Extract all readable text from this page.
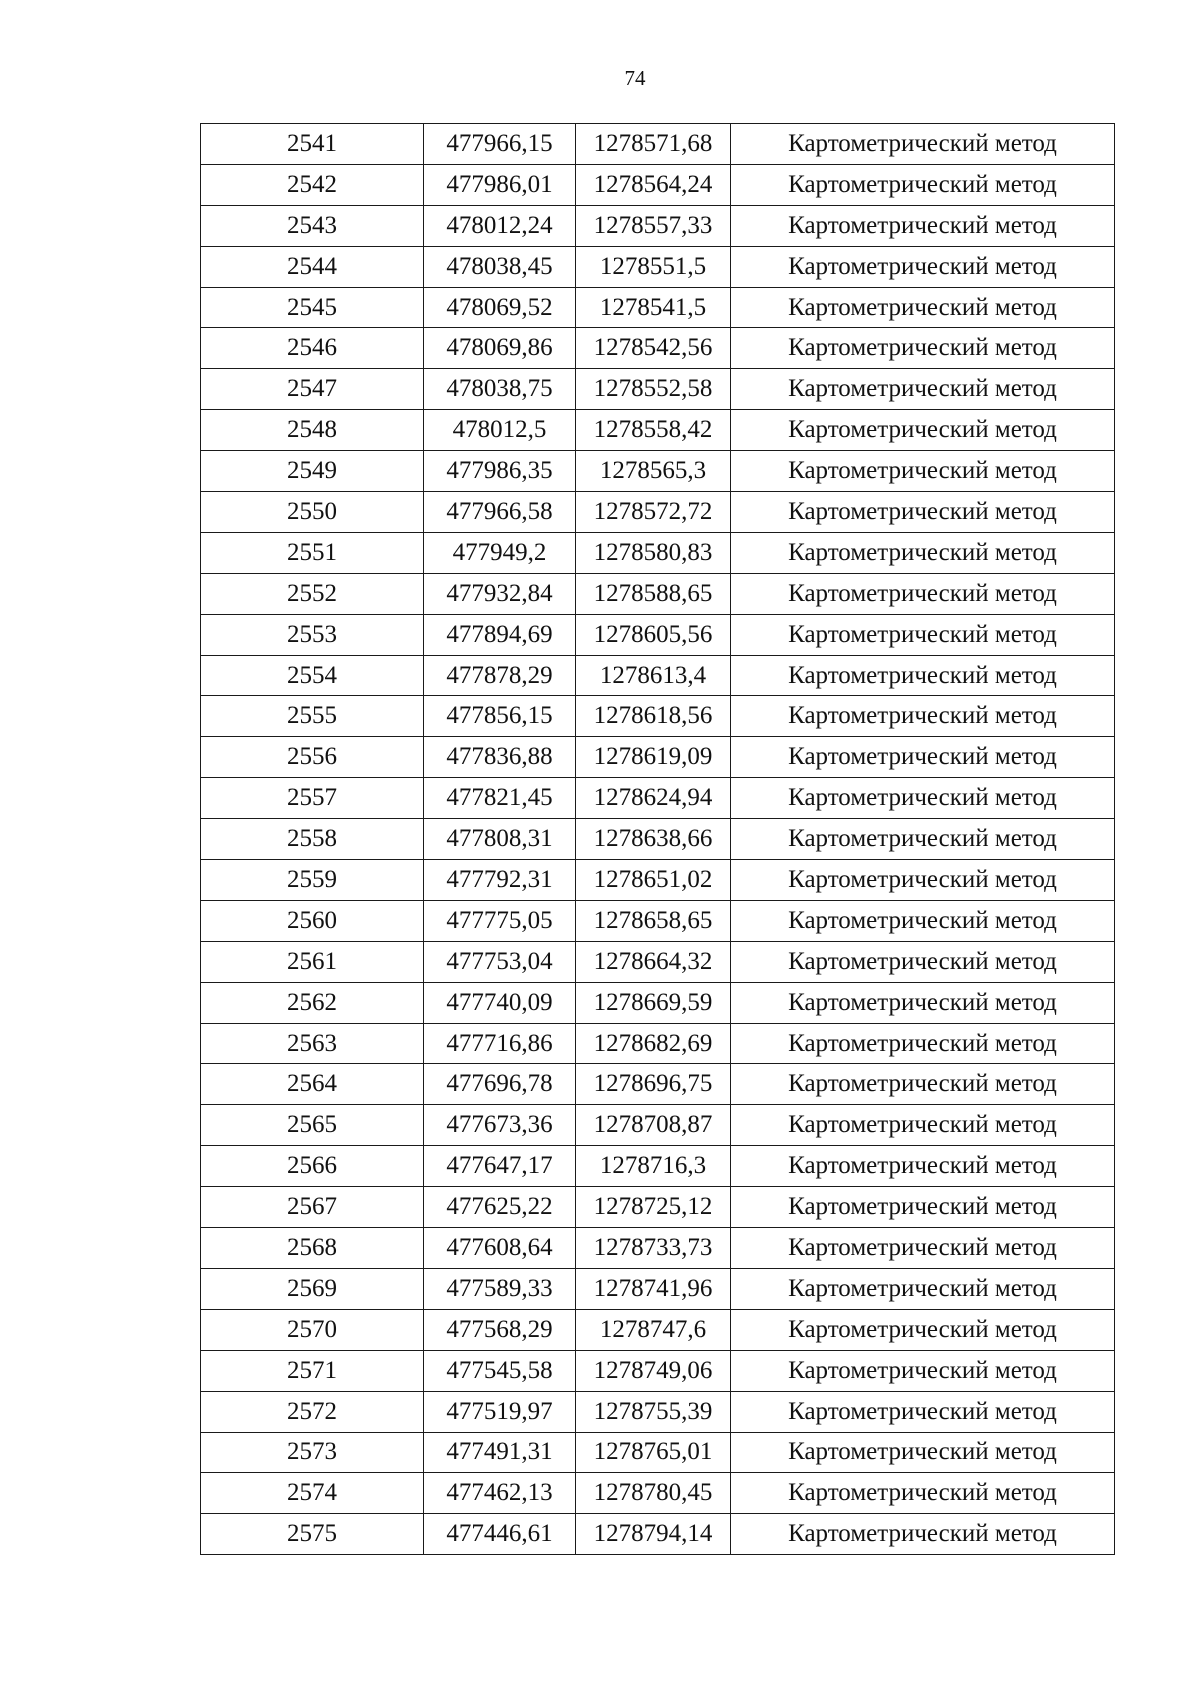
74
2541	477966,15	1278571,68	Картометрический метод
2542	477986,01	1278564,24	Картометрический метод
2543	478012,24	1278557,33	Картометрический метод
2544	478038,45	1278551,5	Картометрический метод
2545	478069,52	1278541,5	Картометрический метод
2546	478069,86	1278542,56	Картометрический метод
2547	478038,75	1278552,58	Картометрический метод
2548	478012,5	1278558,42	Картометрический метод
2549	477986,35	1278565,3	Картометрический метод
2550	477966,58	1278572,72	Картометрический метод
2551	477949,2	1278580,83	Картометрический метод
2552	477932,84	1278588,65	Картометрический метод
2553	477894,69	1278605,56	Картометрический метод
2554	477878,29	1278613,4	Картометрический метод
2555	477856,15	1278618,56	Картометрический метод
2556	477836,88	1278619,09	Картометрический метод
2557	477821,45	1278624,94	Картометрический метод
2558	477808,31	1278638,66	Картометрический метод
2559	477792,31	1278651,02	Картометрический метод
2560	477775,05	1278658,65	Картометрический метод
2561	477753,04	1278664,32	Картометрический метод
2562	477740,09	1278669,59	Картометрический метод
2563	477716,86	1278682,69	Картометрический метод
2564	477696,78	1278696,75	Картометрический метод
2565	477673,36	1278708,87	Картометрический метод
2566	477647,17	1278716,3	Картометрический метод
2567	477625,22	1278725,12	Картометрический метод
2568	477608,64	1278733,73	Картометрический метод
2569	477589,33	1278741,96	Картометрический метод
2570	477568,29	1278747,6	Картометрический метод
2571	477545,58	1278749,06	Картометрический метод
2572	477519,97	1278755,39	Картометрический метод
2573	477491,31	1278765,01	Картометрический метод
2574	477462,13	1278780,45	Картометрический метод
2575	477446,61	1278794,14	Картометрический метод
